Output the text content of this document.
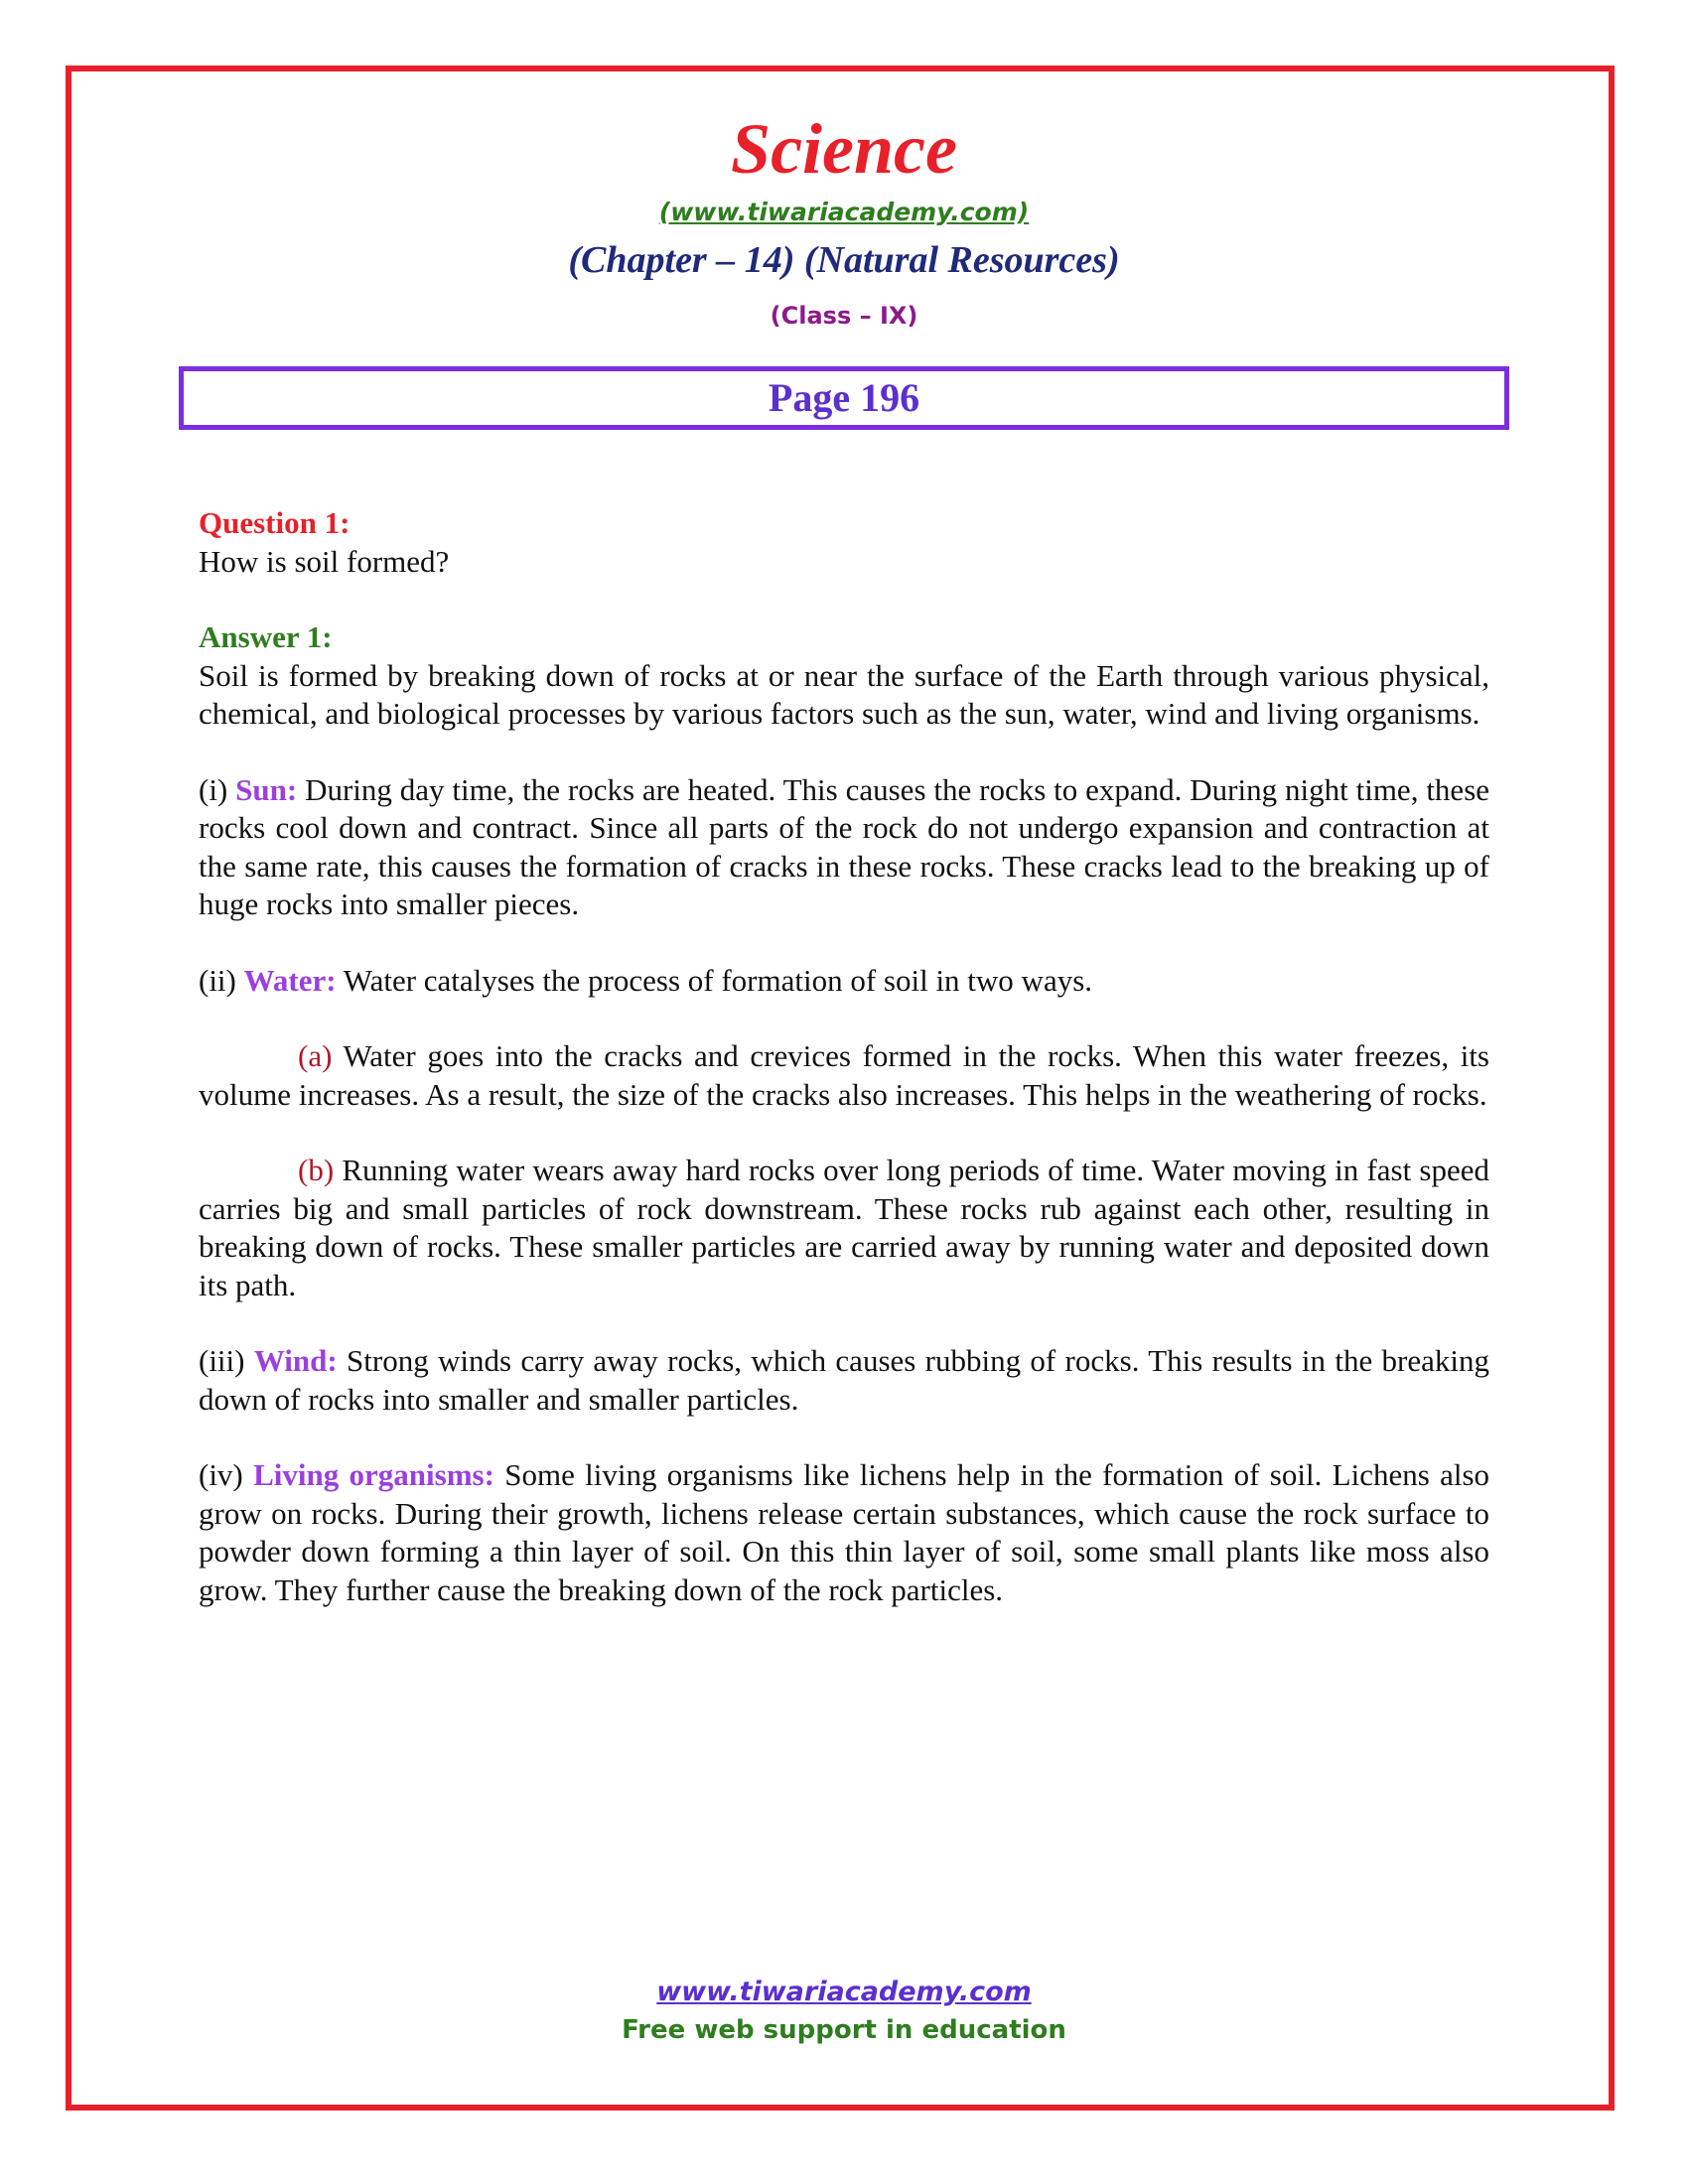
Science
(www.tiwariacademy.com)
(Chapter – 14) (Natural Resources)
(Class – IX)
Page 196

Question 1:
How is soil formed?

Answer 1:
Soil is formed by breaking down of rocks at or near the surface of the Earth through various physical, chemical, and biological processes by various factors such as the sun, water, wind and living organisms.

(i) Sun: During day time, the rocks are heated. This causes the rocks to expand. During night time, these rocks cool down and contract. Since all parts of the rock do not undergo expansion and contraction at the same rate, this causes the formation of cracks in these rocks. These cracks lead to the breaking up of huge rocks into smaller pieces.

(ii) Water: Water catalyses the process of formation of soil in two ways.

(a) Water goes into the cracks and crevices formed in the rocks. When this water freezes, its volume increases. As a result, the size of the cracks also increases. This helps in the weathering of rocks.

(b) Running water wears away hard rocks over long periods of time. Water moving in fast speed carries big and small particles of rock downstream. These rocks rub against each other, resulting in breaking down of rocks. These smaller particles are carried away by running water and deposited down its path.

(iii) Wind: Strong winds carry away rocks, which causes rubbing of rocks. This results in the breaking down of rocks into smaller and smaller particles.

(iv) Living organisms: Some living organisms like lichens help in the formation of soil. Lichens also grow on rocks. During their growth, lichens release certain substances, which cause the rock surface to powder down forming a thin layer of soil. On this thin layer of soil, some small plants like moss also grow. They further cause the breaking down of the rock particles.

www.tiwariacademy.com
Free web support in education
